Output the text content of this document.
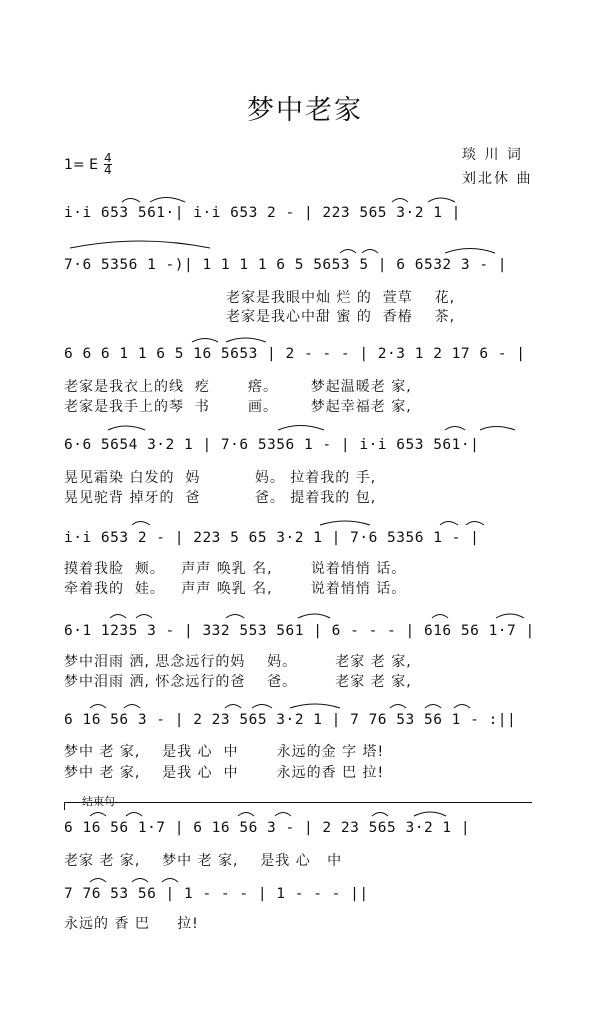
梦中老家
1= E $\frac{4}{4}$	琰 川 词
刘北休 曲
i·i 653 561·| i·i 653 2 - | 223 565 3·2 1 |
7·6 5356 1 -)| 1 1 1 1 6 5 5653 5 | 6 6532 3 - |
老家是我眼中灿 烂 的  萱草    花,
老家是我心中甜 蜜 的  香椿    茶,
6 6 6 1 1 6 5 16 5653 | 2 - - - | 2·3 1 2 17 6 - |
老家是我衣上的线  疙       瘩。      梦起温暖老 家,
老家是我手上的琴  书       画。      梦起幸福老 家,
6·6 5654 3·2 1 | 7·6 5356 1 - | i·i 653 561·|
晃见霜染 白发的  妈          妈。 拉着我的 手,
晃见驼背 掉牙的  爸          爸。 提着我的 包,
i·i 653 2 - | 223 5 65 3·2 1 | 7·6 5356 1 - |
摸着我脸  颊。   声声 唤乳 名,       说着悄悄 话。
牵着我的  娃。   声声 唤乳 名,       说着悄悄 话。
6·1 1235 3 - | 332 553 561 | 6 - - - | 616 56 1·7 |
梦中泪雨 洒, 思念远行的妈    妈。       老家 老 家,
梦中泪雨 洒, 怀念远行的爸    爸。       老家 老 家,
6 16 56 3 - | 2 23 565 3·2 1 | 7 76 53 56 1 - :||
梦中 老 家,    是我 心  中       永远的金 字 塔!
梦中 老 家,    是我 心  中       永远的香 巴 拉!
结束句
6 16 56 1·7 | 6 16 56 3 - | 2 23 565 3·2 1 |
老家 老 家,    梦中 老 家,    是我 心   中
7 76 53 56 | 1 - - - | 1 - - - ||
永远的 香 巴     拉!
